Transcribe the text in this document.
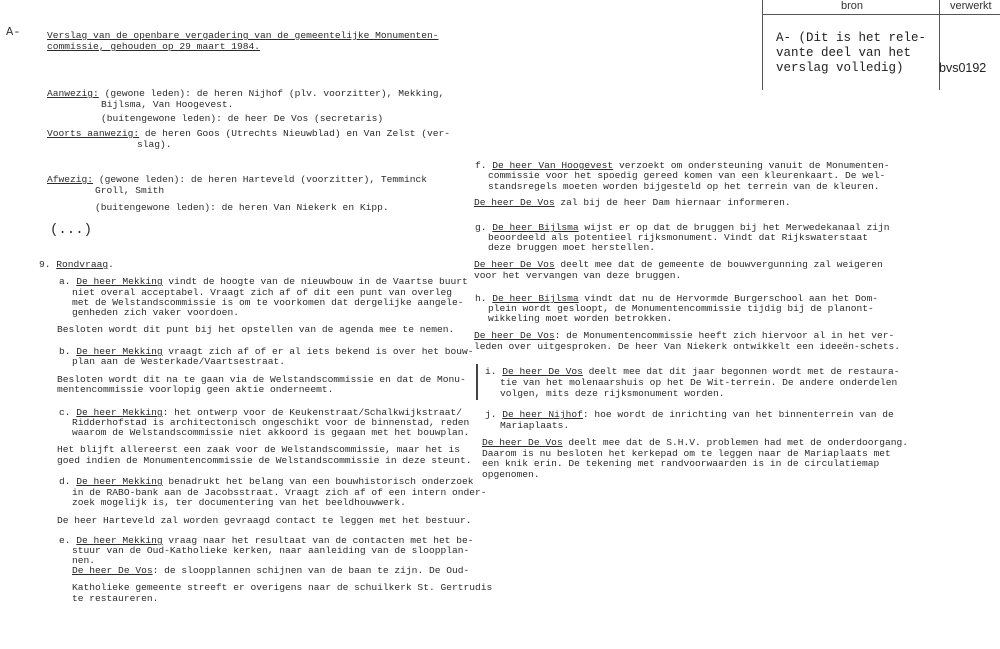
A-
bron	verwerkt
A- (Dit is het rele-
vante deel van het
verslag volledig)	bvs0192
Verslag van de openbare vergadering van de gemeentelijke Monumenten-
commissie, gehouden op 29 maart 1984.
Aanwezig: (gewone leden): de heren Nijhof (plv. voorzitter), Mekking,
Bijlsma, Van Hoogevest.
(buitengewone leden): de heer De Vos (secretaris)
Voorts aanwezig: de heren Goos (Utrechts Nieuwblad) en Van Zelst (ver-
slag).
Afwezig: (gewone leden): de heren Harteveld (voorzitter), Temminck
Groll, Smith
(buitengewone leden): de heren Van Niekerk en Kipp.
(...)
9. Rondvraag.
a. De heer Mekking vindt de hoogte van de nieuwbouw in de Vaartse buurt
niet overal acceptabel. Vraagt zich af of dit een punt van overleg
met de Welstandscommissie is om te voorkomen dat dergelijke aangele-
genheden zich vaker voordoen.
Besloten wordt dit punt bij het opstellen van de agenda mee te nemen.
b. De heer Mekking vraagt zich af of er al iets bekend is over het bouw-
plan aan de Westerkade/Vaartsestraat.
Besloten wordt dit na te gaan via de Welstandscommissie en dat de Monu-
mentencommissie voorlopig geen aktie onderneemt.
c. De heer Mekking: het ontwerp voor de Keukenstraat/Schalkwijkstraat/
Ridderhofstad is architectonisch ongeschikt voor de binnenstad, reden
waarom de Welstandscommissie niet akkoord is gegaan met het bouwplan.
Het blijft allereerst een zaak voor de Welstandscommissie, maar het is
goed indien de Monumentencommissie de Welstandscommissie in deze steunt.
d. De heer Mekking benadrukt het belang van een bouwhistorisch onderzoek
in de RABO-bank aan de Jacobsstraat. Vraagt zich af of een intern onder-
zoek mogelijk is, ter documentering van het beeldhouwwerk.
De heer Harteveld zal worden gevraagd contact te leggen met het bestuur.
e. De heer Mekking vraag naar het resultaat van de contacten met het be-
stuur van de Oud-Katholieke kerken, naar aanleiding van de sloopplan-
nen.
De heer De Vos: de sloopplannen schijnen van de baan te zijn. De Oud-
Katholieke gemeente streeft er overigens naar de schuilkerk St. Gertrudis
te restaureren.
f. De heer Van Hoogevest verzoekt om ondersteuning vanuit de Monumenten-
commissie voor het spoedig gereed komen van een kleurenkaart. De wel-
standsregels moeten worden bijgesteld op het terrein van de kleuren.
De heer De Vos zal bij de heer Dam hiernaar informeren.
g. De heer Bijlsma wijst er op dat de bruggen bij het Merwedekanaal zijn
beoordeeld als potentieel rijksmonument. Vindt dat Rijkswaterstaat
deze bruggen moet herstellen.
De heer De Vos deelt mee dat de gemeente de bouwvergunning zal weigeren
voor het vervangen van deze bruggen.
h. De heer Bijlsma vindt dat nu de Hervormde Burgerschool aan het Dom-
plein wordt gesloopt, de Monumentencommissie tijdig bij de planont-
wikkeling moet worden betrokken.
De heer De Vos: de Monumentencommissie heeft zich hiervoor al in het ver-
leden over uitgesproken. De heer Van Niekerk ontwikkelt een ideeën-schets.
i. De heer De Vos deelt mee dat dit jaar begonnen wordt met de restaura-
tie van het molenaarshuis op het De Wit-terrein. De andere onderdelen
volgen, mits deze rijksmonument worden.
j. De heer Nijhof: hoe wordt de inrichting van het binnenterrein van de
Mariaplaats.
De heer De Vos deelt mee dat de S.H.V. problemen had met de onderdoorgang.
Daarom is nu besloten het kerkepad om te leggen naar de Mariaplaats met
een knik erin. De tekening met randvoorwaarden is in de circulatiemap
opgenomen.
